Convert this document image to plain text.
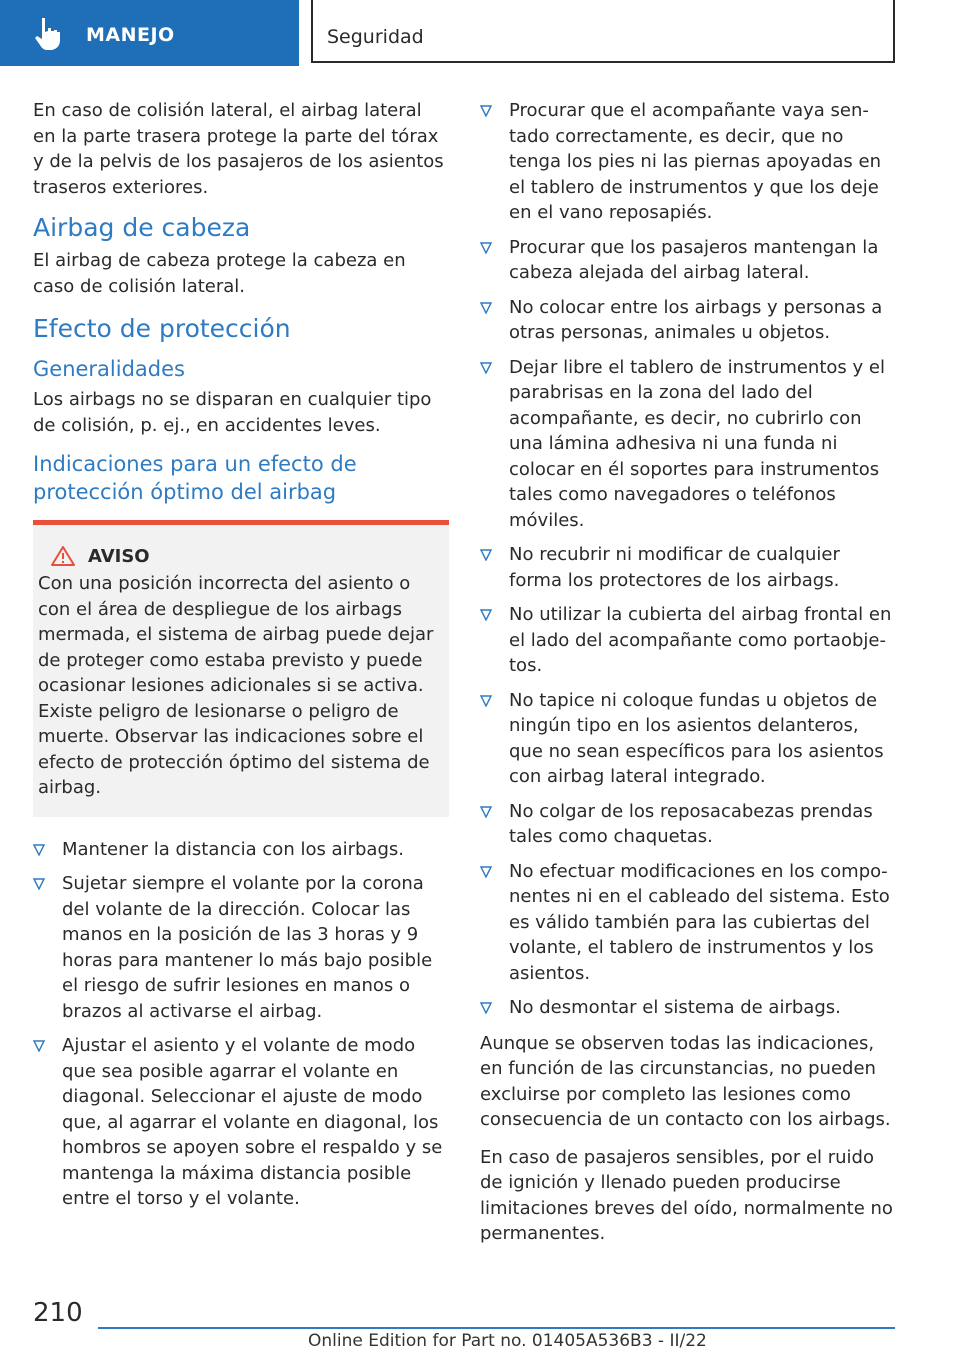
MANEJO	Seguridad

En caso de colisión lateral, el airbag lateral en la parte trasera protege la parte del tórax y de la pelvis de los pasajeros de los asientos traseros exteriores.

Airbag de cabeza

El airbag de cabeza protege la cabeza en caso de colisión lateral.

Efecto de protección
Generalidades

Los airbags no se disparan en cualquier tipo de colisión, p. ej., en accidentes leves.

Indicaciones para un efecto de protección óptimo del airbag
AVISO

Con una posición incorrecta del asiento o con el área de despliegue de los airbags mermada, el sistema de airbag puede dejar de proteger como estaba previsto y puede ocasionar lesiones adicionales si se activa. Existe peligro de lesionarse o peligro de muerte. Observar las indicaciones sobre el efecto de protección óptimo del sistema de airbag.

Mantener la distancia con los airbags.
Sujetar siempre el volante por la corona del volante de la dirección. Colocar las manos en la posición de las 3 horas y 9 horas para mantener lo más bajo posible el riesgo de sufrir lesiones en manos o brazos al activarse el airbag.
Ajustar el asiento y el volante de modo que sea posible agarrar el volante en diagonal. Seleccionar el ajuste de modo que, al agarrar el volante en diagonal, los hombros se apoyen sobre el respaldo y se mantenga la máxima distancia posible entre el torso y el volante.
Procurar que el acompañante vaya sentado correctamente, es decir, que no tenga los pies ni las piernas apoyadas en el tablero de instrumentos y que los deje en el vano reposapiés.
Procurar que los pasajeros mantengan la cabeza alejada del airbag lateral.
No colocar entre los airbags y personas a otras personas, animales u objetos.
Dejar libre el tablero de instrumentos y el parabrisas en la zona del lado del acompañante, es decir, no cubrirlo con una lámina adhesiva ni una funda ni colocar en él soportes para instrumentos tales como navegadores o teléfonos móviles.
No recubrir ni modificar de cualquier forma los protectores de los airbags.
No utilizar la cubierta del airbag frontal en el lado del acompañante como portaobjetos.
No tapice ni coloque fundas u objetos de ningún tipo en los asientos delanteros, que no sean específicos para los asientos con airbag lateral integrado.
No colgar de los reposacabezas prendas tales como chaquetas.
No efectuar modificaciones en los componentes ni en el cableado del sistema. Esto es válido también para las cubiertas del volante, el tablero de instrumentos y los asientos.
No desmontar el sistema de airbags.

Aunque se observen todas las indicaciones, en función de las circunstancias, no pueden excluirse por completo las lesiones como consecuencia de un contacto con los airbags.

En caso de pasajeros sensibles, por el ruido de ignición y llenado pueden producirse limitaciones breves del oído, normalmente no permanentes.

210
Online Edition for Part no. 01405A536B3 - II/22
